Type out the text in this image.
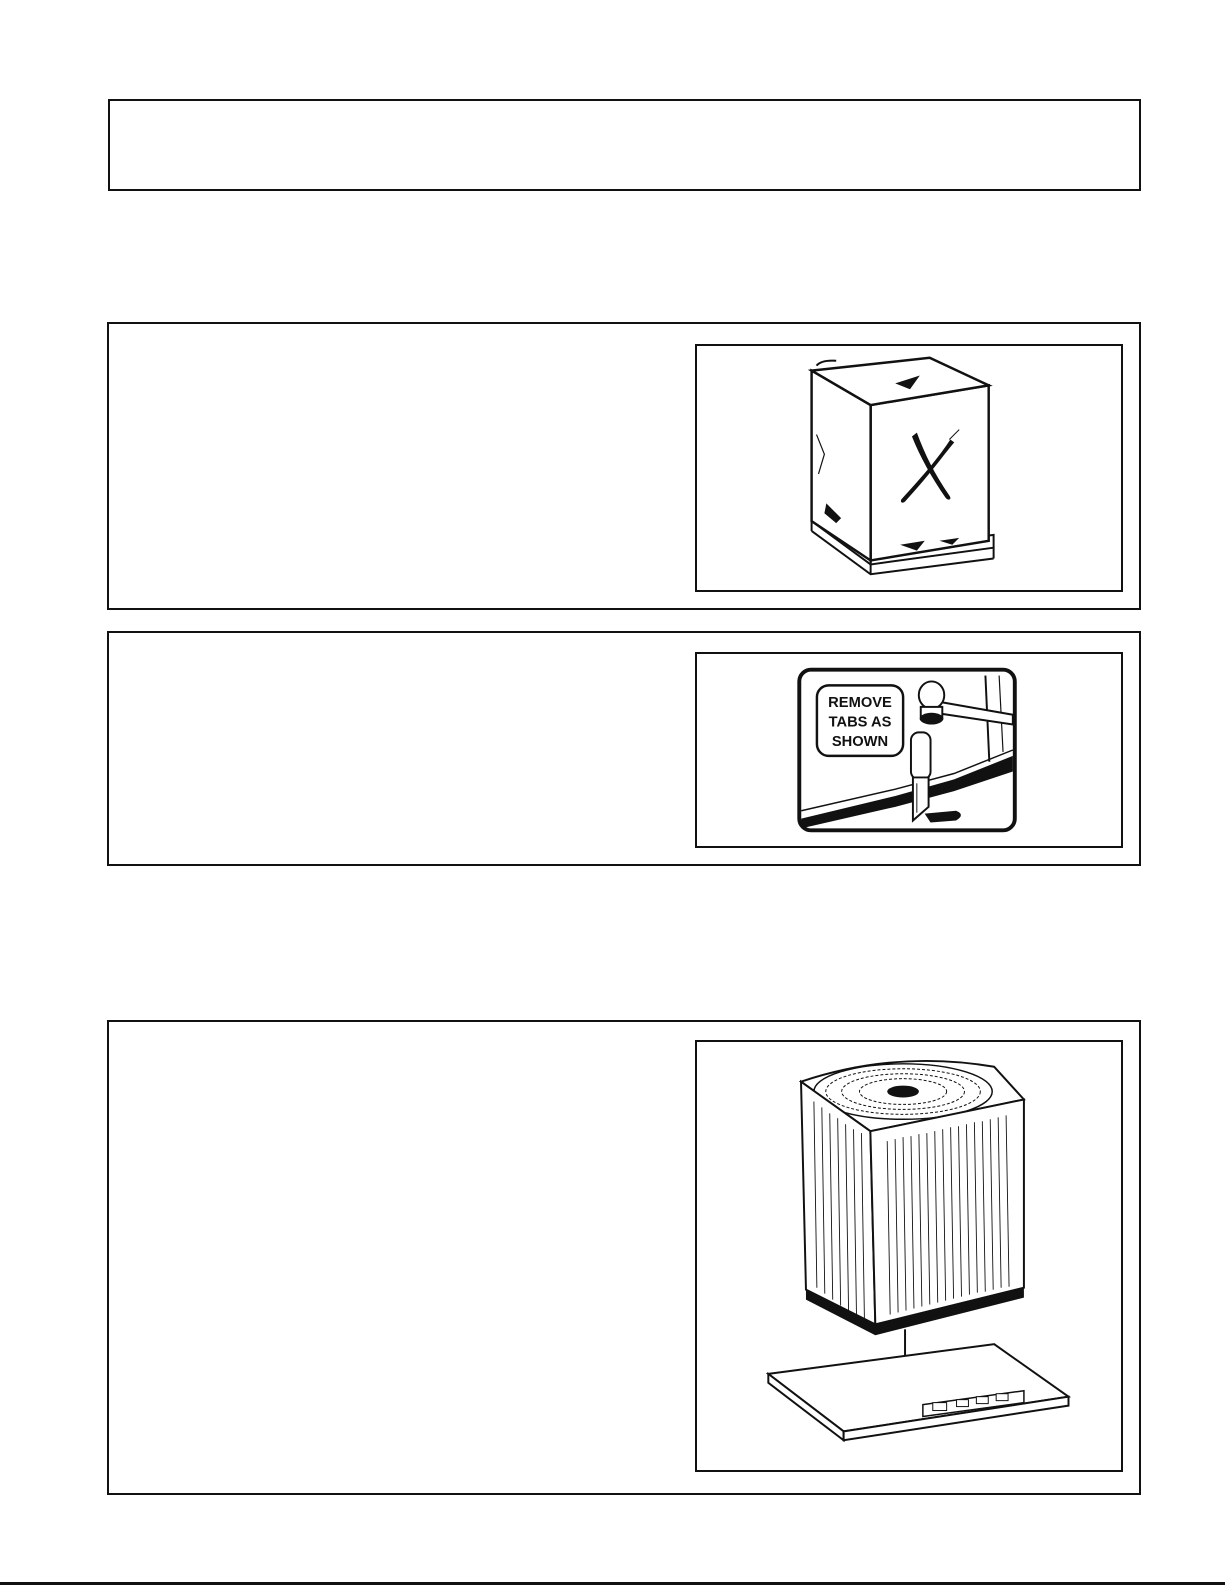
REMOVE
TABS AS
SHOWN
